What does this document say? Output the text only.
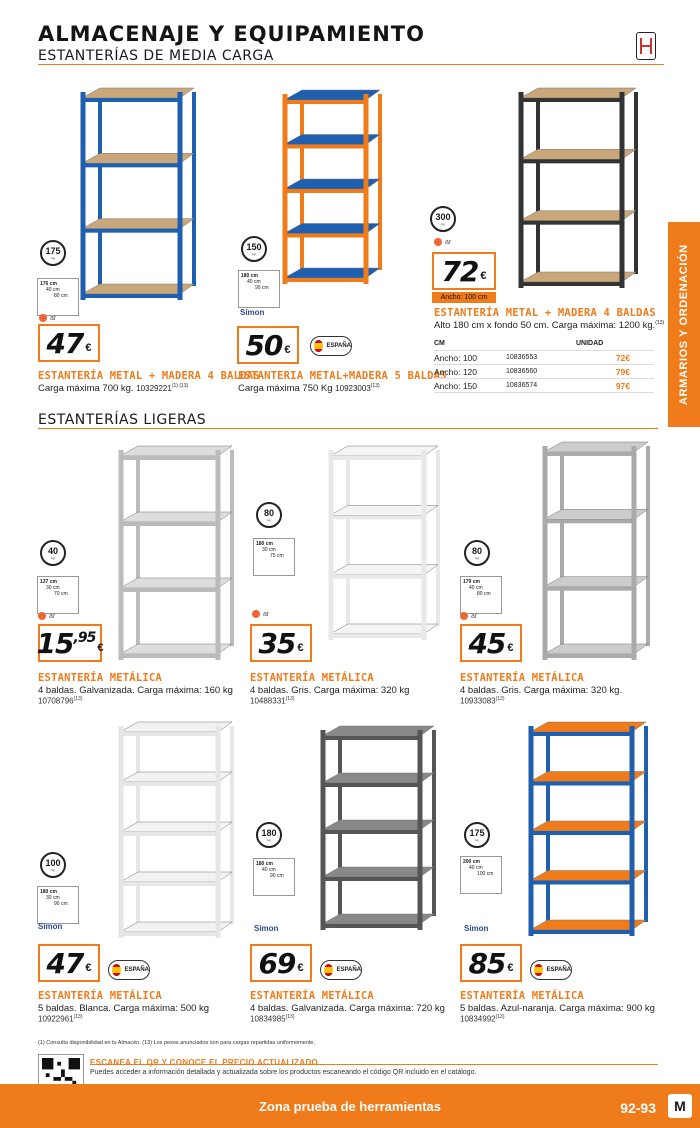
ALMACENAJE Y EQUIPAMIENTO
ESTANTERÍAS DE MEDIA CARGA
ARMARIOS Y ORDENACIÓN
ESTANTERÍAS LIGERAS
175
kg
176 cm
40 cm
80 cm
ar
47 €
ESTANTERÍA METAL + MADERA 4 BALDAS
Carga máxima 700 kg. $10329221^{(1) (13)}$
150
kg
180 cm
40 cm
90 cm
Simon
50 €	ESPAÑA
ESTANTERIA METAL+MADERA 5 BALDAS
Carga máxima 750 Kg 10923003$^{(13)}$
300
kg
ar
72 €
Ancho: 100 cm
ESTANTERÍA METAL + MADERA 4 BALDAS
Alto 180 cm x fondo 50 cm. Carga máxima: 1200 kg.$^{(13)}$
40
kg
137 cm
30 cm
70 cm
ar
15 ,95
€
ESTANTERÍA METÁLICA
4 baldas. Galvanizada. Carga máxima: 160 kg
10708796$^{(13)}$
80
kg
180 cm
30 cm
75 cm
ar
35 €
ESTANTERÍA METÁLICA
4 baldas. Gris. Carga máxima: 320 kg
10488331$^{(13)}$
80
kg
179 cm
40 cm
80 cm
ar
45 €
ESTANTERÍA METÁLICA
4 baldas. Gris. Carga máxima: 320 kg.
10933083$^{(13)}$
100
kg
180 cm
30 cm
90 cm
Simon
47 €	ESPAÑA
ESTANTERÍA METÁLICA
5 baldas. Blanca. Carga máxima: 500 kg
10922961$^{(13)}$
180
kg
180 cm
40 cm
90 cm
Simon
69 €	ESPAÑA
ESTANTERÍA METÁLICA
4 baldas. Galvanizada. Carga máxima: 720 kg
10834985$^{(13)}$
175
kg
200 cm
40 cm
100 cm
Simon
85 €	ESPAÑA
ESTANTERÍA METÁLICA
5 baldas. Azul-naranja. Carga máxima: 900 kg
10834992$^{(13)}$
CM	UNIDAD
Ancho: 100	10836553	72€
Ancho: 120	10836560	79€
Ancho: 150	10836574	97€
(1) Consulta disponibilidad en tu Almacén. (13) Los pesos anunciados son para cargas repartidas uniformemente.
ESCANEA EL QR Y CONOCE EL PRECIO ACTUALIZADO
Puedes acceder a información detallada y actualizada sobre los productos escaneando el código QR incluido en el catálogo.
Zona prueba de herramientas	92-93	M
